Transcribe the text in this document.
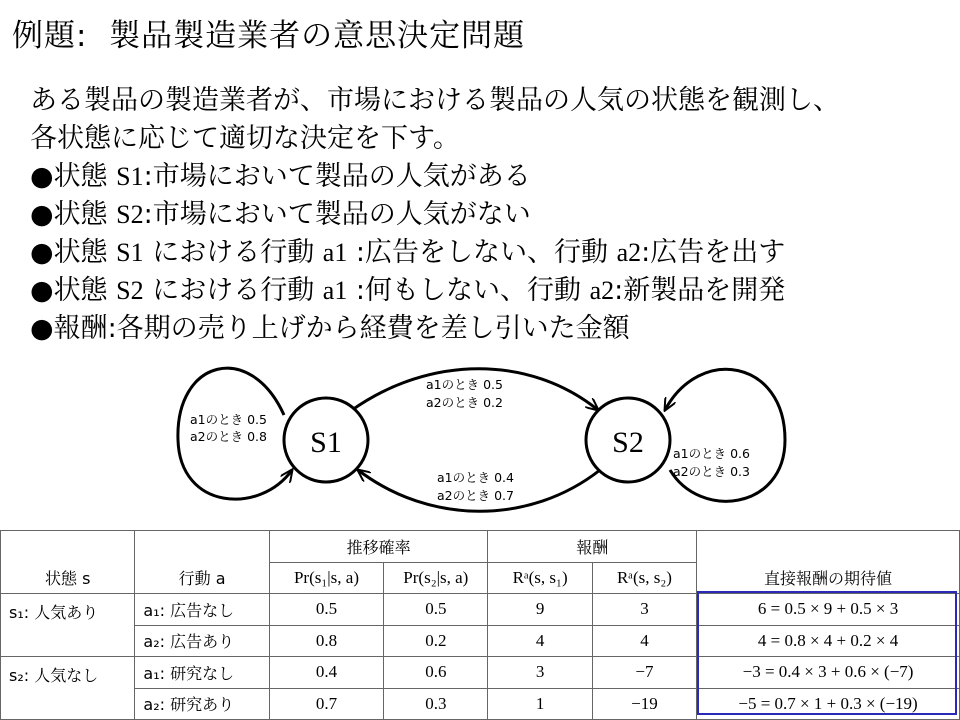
例題:  製品製造業者の意思決定問題
ある製品の製造業者が、市場における製品の人気の状態を観測し、
各状態に応じて適切な決定を下す。
●状態 S1:市場において製品の人気がある
●状態 S2:市場において製品の人気がない
●状態 S1 における行動 a1 :広告をしない、行動 a2:広告を出す
●状態 S2 における行動 a1 :何もしない、行動 a2:新製品を開発
●報酬:各期の売り上げから経費を差し引いた金額
S1	S2
a1のとき 0.5
a2のとき 0.8
a1のとき 0.5
a2のとき 0.2
a1のとき 0.4
a2のとき 0.7
a1のとき 0.6
a2のとき 0.3
状態 s	行動 a	推移確率		報酬		直接報酬の期待値
		Pr(s₁|s, a)	Pr(s₂|s, a)	Rᵃ(s, s₁)	Rᵃ(s, s₂)	
s₁: 人気あり	a₁: 広告なし	0.5	0.5	9	3	6 = 0.5 × 9 + 0.5 × 3
	a₂: 広告あり	0.8	0.2	4	4	4 = 0.8 × 4 + 0.2 × 4
s₂: 人気なし	a₁: 研究なし	0.4	0.6	3	−7	−3 = 0.4 × 3 + 0.6 × (−7)
	a₂: 研究あり	0.7	0.3	1	−19	−5 = 0.7 × 1 + 0.3 × (−19)
